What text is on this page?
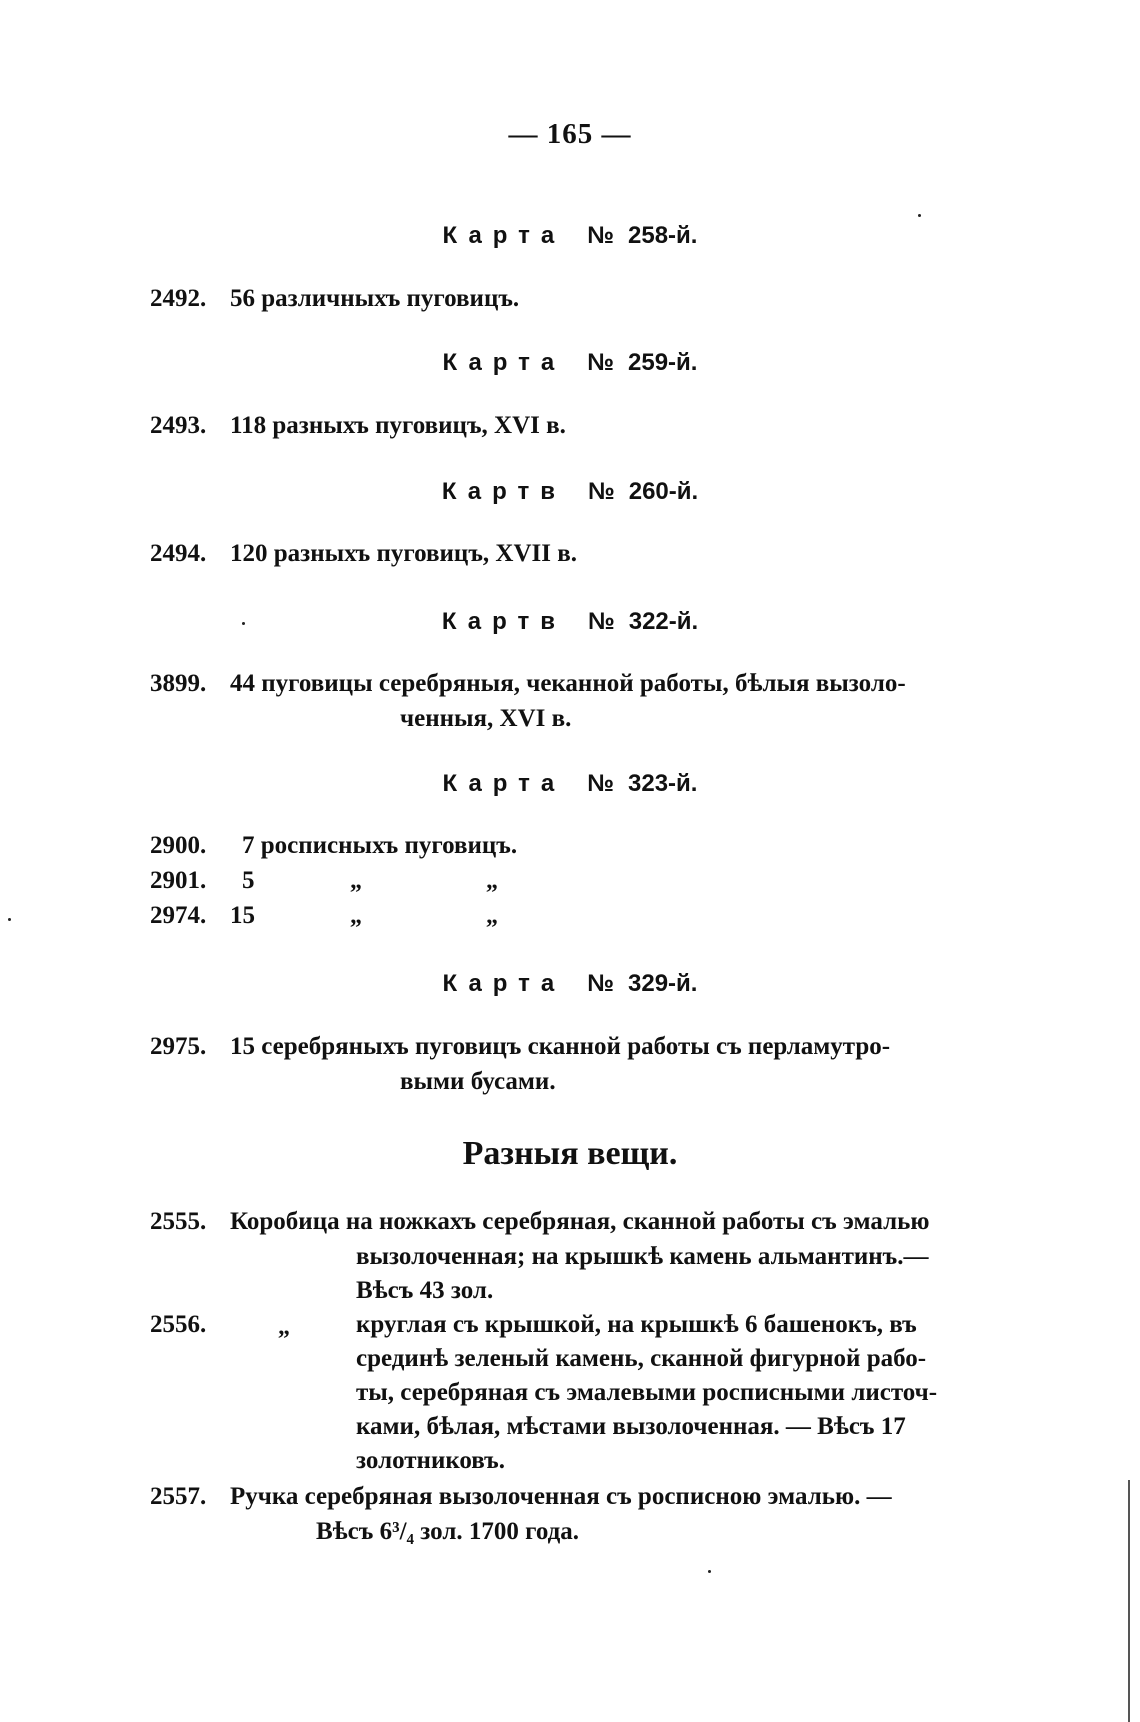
— 165 —
Карта № 258-й.
2492. 56 различныхъ пуговицъ.
Карта № 259-й.
2493. 118 разныхъ пуговицъ, XVI в.
Картв № 260-й.
2494. 120 разныхъ пуговицъ, XVII в.
Картв № 322-й.
3899. 44 пуговицы серебряныя, чеканной работы, бѣлыя вызоло-
ченныя, XVI в.
Карта № 323-й.
2900. 7 росписныхъ пуговицъ.
2901. 5	„	„
2974. 15	„	„
Карта № 329-й.
2975. 15 серебряныхъ пуговицъ сканной работы съ перламутро-
выми бусами.
Разныя вещи.
2555. Коробица на ножкахъ серебряная, сканной работы съ эмалью
вызолоченная; на крышкѣ камень альмантинъ.—
Вѣсъ 43 зол.
2556.	„	круглая съ крышкой, на крышкѣ 6 башенокъ, въ
срединѣ зеленый камень, сканной фигурной рабо-
ты, серебряная съ эмалевыми росписными листоч-
ками, бѣлая, мѣстами вызолоченная. — Вѣсъ 17
золотниковъ.
2557. Ручка серебряная вызолоченная съ росписною эмалью. —
Вѣсъ 6³/₄ зол. 1700 года.
